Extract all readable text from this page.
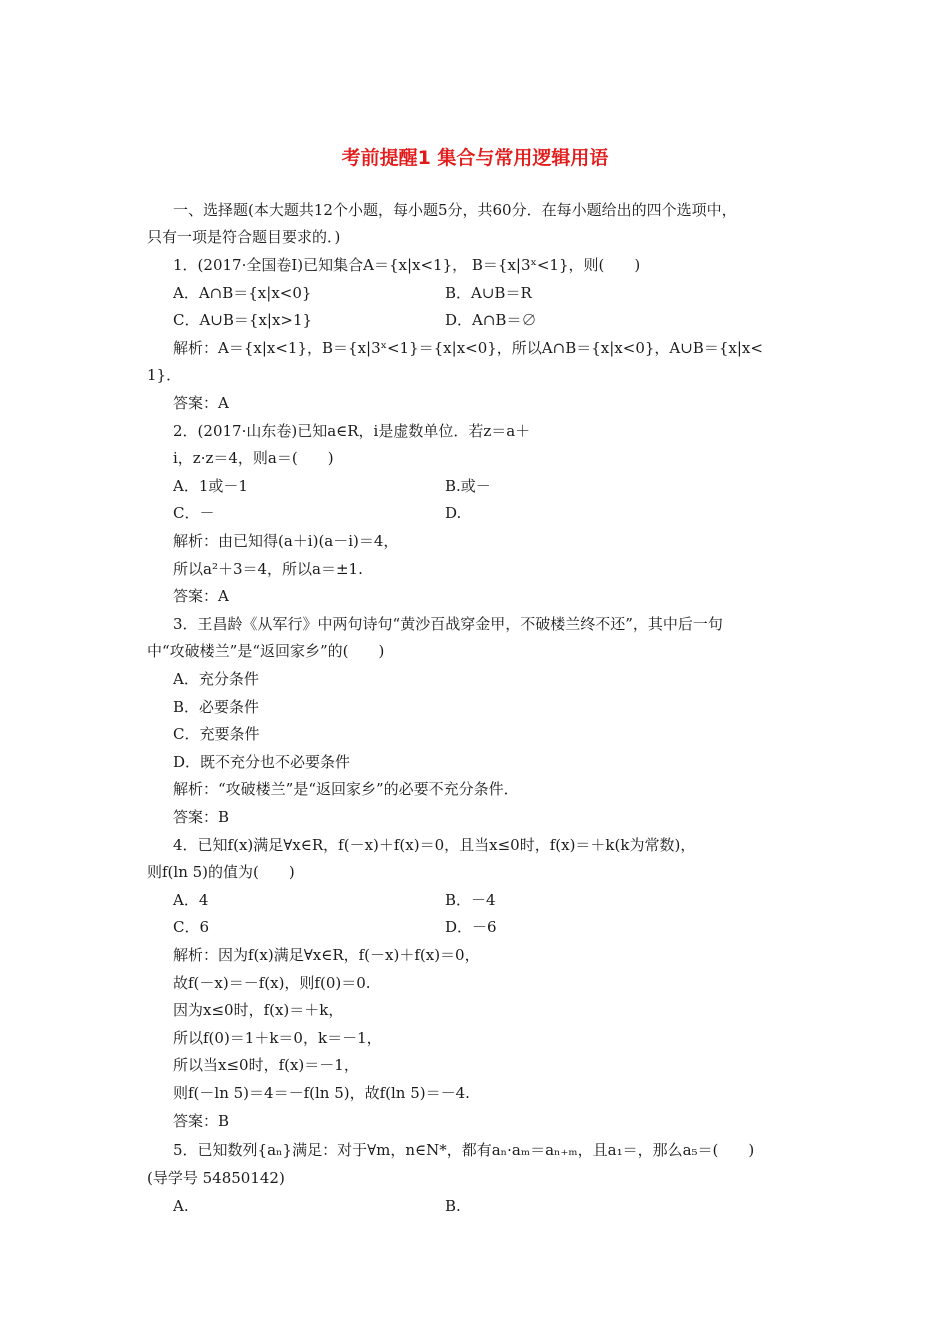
考前提醒1 集合与常用逻辑用语
一、选择题(本大题共12个小题，每小题5分，共60分．在每小题给出的四个选项中，
只有一项是符合题目要求的．)
1．(2017·全国卷Ⅰ)已知集合A＝{x|x<1}， B＝{x|3ˣ<1}，则(　　)
A．A∩B＝{x|x<0}	B．A∪B＝R
C．A∪B＝{x|x>1}	D．A∩B＝∅
解析：A＝{x|x<1}，B＝{x|3ˣ<1}＝{x|x<0}，所以A∩B＝{x|x<0}，A∪B＝{x|x<
1}．
答案：A
2．(2017·山东卷)已知a∈R，i是虚数单位．若z＝a＋
i，z·z＝4，则a＝(　　)
A．1或－1	B.或－
C．－	D.
解析：由已知得(a＋i)(a－i)＝4，
所以a²＋3＝4，所以a＝±1.
答案：A
3．王昌龄《从军行》中两句诗句“黄沙百战穿金甲，不破楼兰终不还”，其中后一句
中“攻破楼兰”是“返回家乡”的(　　)
A．充分条件
B．必要条件
C．充要条件
D．既不充分也不必要条件
解析：“攻破楼兰”是“返回家乡”的必要不充分条件．
答案：B
4．已知f(x)满足∀x∈R，f(－x)＋f(x)＝0，且当x≤0时，f(x)＝＋k(k为常数)，
则f(ln 5)的值为(　　)
A．4	B．－4
C．6	D．－6
解析：因为f(x)满足∀x∈R，f(－x)＋f(x)＝0，
故f(－x)＝－f(x)，则f(0)＝0.
因为x≤0时，f(x)＝＋k，
所以f(0)＝1＋k＝0，k＝－1，
所以当x≤0时，f(x)＝－1，
则f(－ln 5)＝4＝－f(ln 5)，故f(ln 5)＝－4.
答案：B
5．已知数列{aₙ}满足：对于∀m，n∈N*，都有aₙ·aₘ＝aₙ₊ₘ，且a₁＝，那么a₅＝(　　)
(导学号 54850142)
A.	B.
